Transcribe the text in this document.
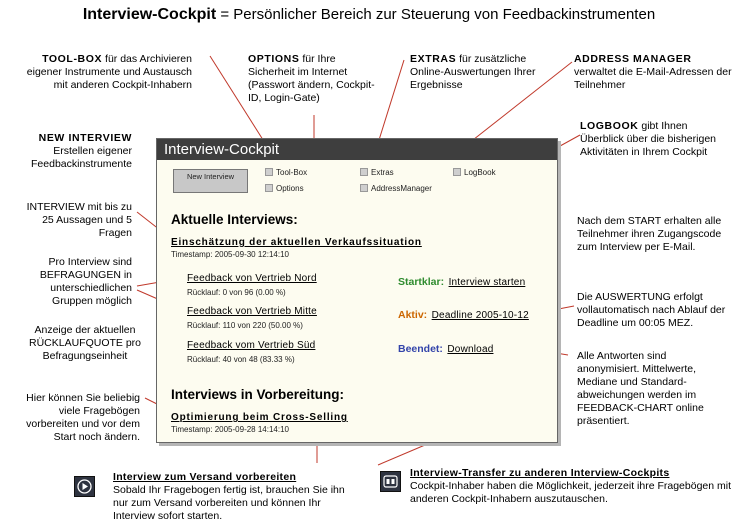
Interview-Cockpit = Persönlicher Bereich zur Steuerung von Feedbackinstrumenten
TOOL-BOX für das Archivieren eigener Instrumente und Austausch mit anderen Cockpit-Inhabern
OPTIONS für Ihre Sicherheit im Internet (Passwort ändern, Cockpit-ID, Login-Gate)
EXTRAS für zusätzliche Online-Auswertungen Ihrer Ergebnisse
ADDRESS MANAGER
verwaltet die E-Mail-Adressen der Teilnehmer
NEW INTERVIEW
Erstellen eigener Feedbackinstrumente
INTERVIEW mit bis zu 25 Aussagen und 5 Fragen
Pro Interview sind BEFRAGUNGEN in unterschiedlichen Gruppen möglich
Anzeige der aktuellen RÜCKLAUFQUOTE pro Befragungseinheit
Hier können Sie beliebig viele Fragebögen vorbereiten und vor dem Start noch ändern.
LOGBOOK gibt Ihnen Überblick über die bisherigen Aktivitäten in Ihrem Cockpit
Nach dem START erhalten alle Teilnehmer ihren Zugangscode zum Interview per E-Mail.
Die AUSWERTUNG erfolgt vollautomatisch nach Ablauf der Deadline um 00:05 MEZ.
Alle Antworten sind anonymisiert. Mittelwerte, Mediane und Standard-abweichungen werden im FEEDBACK-CHART online präsentiert.
Interview-Cockpit
New Interview	Tool-Box
Options
Extras
AddressManager
LogBook
Aktuelle Interviews:
Einschätzung der aktuellen Verkaufssituation
Timestamp: 2005-09-30 12:14:10
Feedback von Vertrieb Nord
Rücklauf: 0 von 96 (0.00 %)
Startklar: Interview starten
Feedback von Vertrieb Mitte
Rücklauf: 110 von 220 (50.00 %)
Aktiv: Deadline 2005-10-12
Feedback vom Vertrieb Süd
Rücklauf: 40 von 48 (83.33 %)
Beendet: Download
Interviews in Vorbereitung:
Optimierung beim Cross-Selling
Timestamp: 2005-09-28 14:14:10
Interview zum Versand vorbereiten
Sobald Ihr Fragebogen fertig ist, brauchen Sie ihn nur zum Versand vorbereiten und können Ihr Interview sofort starten.
Interview-Transfer zu anderen Interview-Cockpits
Cockpit-Inhaber haben die Möglichkeit, jederzeit ihre Fragebögen mit anderen Cockpit-Inhabern auszutauschen.
